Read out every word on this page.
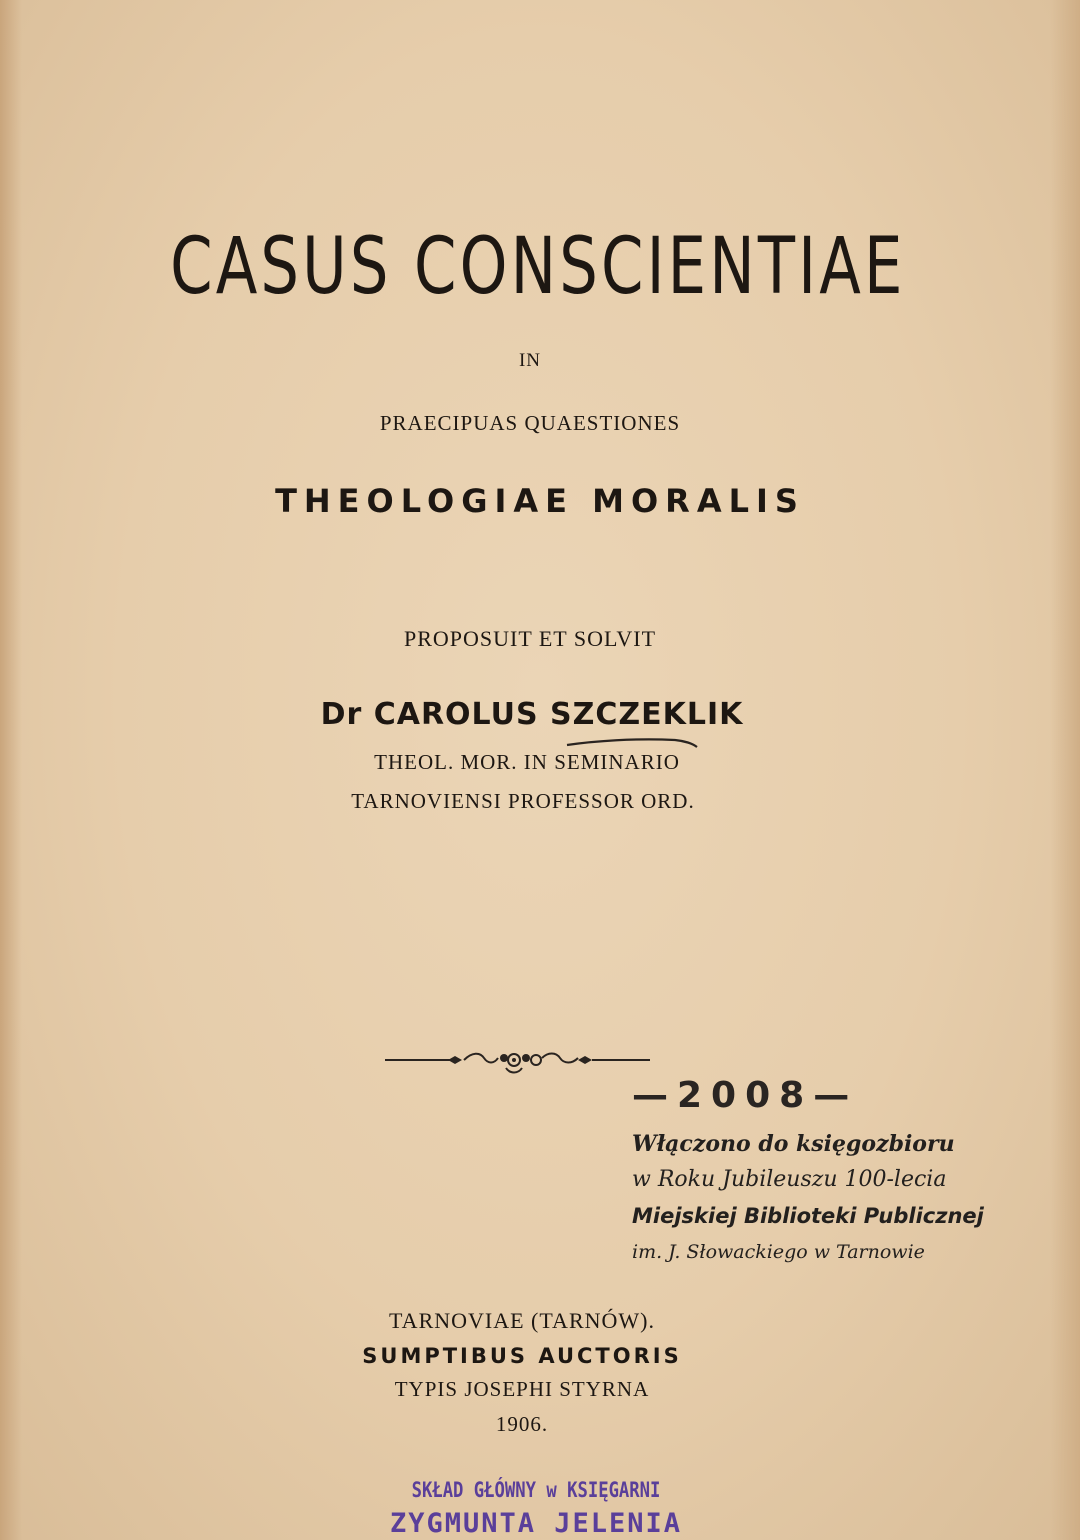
CASUS CONSCIENTIAE
IN
PRAECIPUAS QUAESTIONES
THEOLOGIAE MORALIS
PROPOSUIT ET SOLVIT
Dr CAROLUS SZCZEKLIK
THEOL. MOR. IN SEMINARIO
TARNOVIENSI PROFESSOR ORD.
—2008—
Włączono do księgozbioru
w Roku Jubileuszu 100-lecia
Miejskiej Biblioteki Publicznej
im. J. Słowackiego w Tarnowie
TARNOVIAE (TARNÓW).
SUMPTIBUS AUCTORIS
TYPIS JOSEPHI STYRNA
1906.
SKŁAD GŁÓWNY w KSIĘGARNI
ZYGMUNTA JELENIA
